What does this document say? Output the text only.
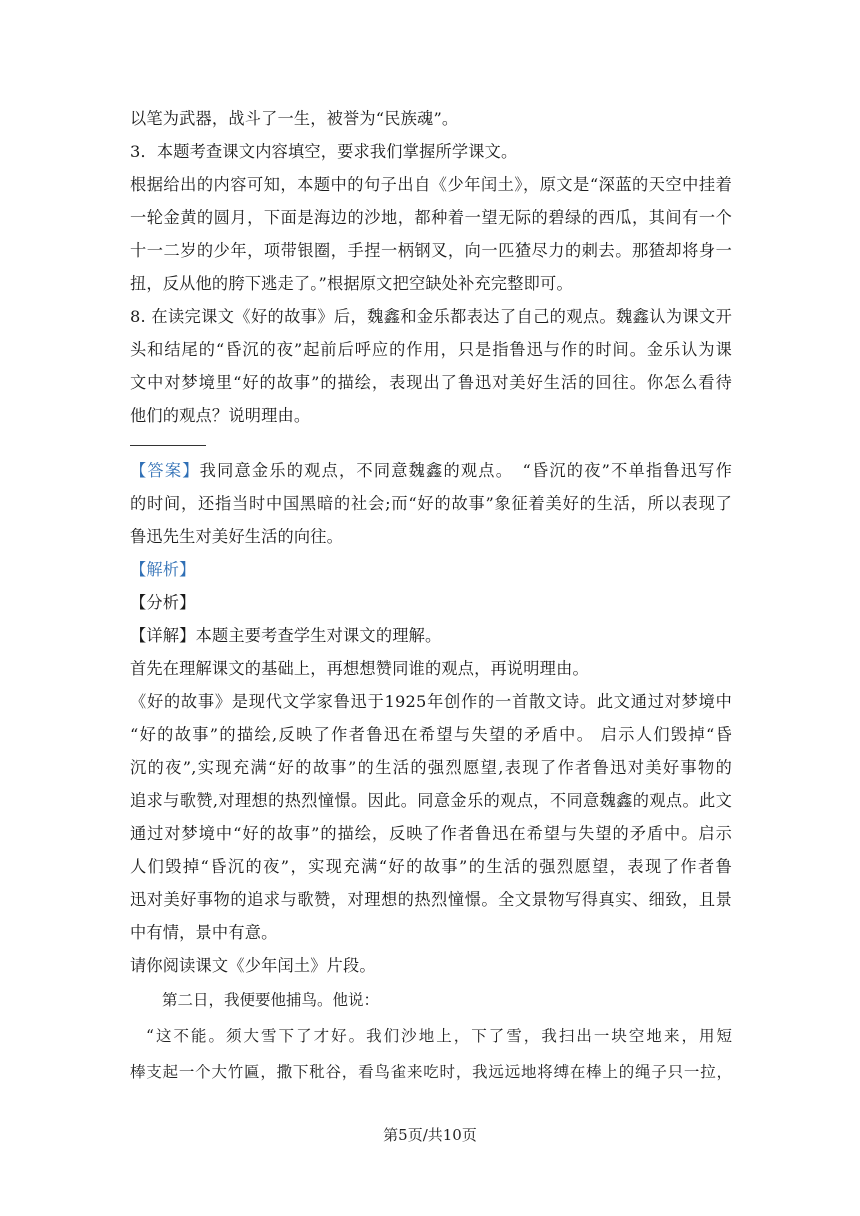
以笔为武器，战斗了一生，被誉为“民族魂”。
3．本题考查课文内容填空，要求我们掌握所学课文。
根据给出的内容可知，本题中的句子出自《少年闰土》，原文是“深蓝的天空中挂着
一轮金黄的圆月，下面是海边的沙地，都种着一望无际的碧绿的西瓜，其间有一个
十一二岁的少年，项带银圈，手捏一柄钢叉，向一匹猹尽力的刺去。那猹却将身一
扭，反从他的胯下逃走了。”根据原文把空缺处补充完整即可。
8. 在读完课文《好的故事》后，魏鑫和金乐都表达了自己的观点。魏鑫认为课文开
头和结尾的“昏沉的夜”起前后呼应的作用，只是指鲁迅与作的时间。金乐认为课
文中对梦境里“好的故事”的描绘，表现出了鲁迅对美好生活的回往。你怎么看待
他们的观点？说明理由。
【答案】我同意金乐的观点，不同意魏鑫的观点。　“昏沉的夜”不单指鲁迅写作
的时间，还指当时中国黑暗的社会;而“好的故事”象征着美好的生活，所以表现了
鲁迅先生对美好生活的向往。
【解析】
【分析】
【详解】本题主要考查学生对课文的理解。
首先在理解课文的基础上，再想想赞同谁的观点，再说明理由。
《好的故事》是现代文学家鲁迅于1925年创作的一首散文诗。此文通过对梦境中
“好的故事”的描绘,反映了作者鲁迅在希望与失望的矛盾中。 启示人们毁掉“昏
沉的夜”,实现充满“好的故事”的生活的强烈愿望,表现了作者鲁迅对美好事物的
追求与歌赞,对理想的热烈憧憬。因此。同意金乐的观点，不同意魏鑫的观点。此文
通过对梦境中“好的故事”的描绘，反映了作者鲁迅在希望与失望的矛盾中。启示
人们毁掉“昏沉的夜”，实现充满“好的故事”的生活的强烈愿望，表现了作者鲁
迅对美好事物的追求与歌赞，对理想的热烈憧憬。全文景物写得真实、细致，且景
中有情，景中有意。
请你阅读课文《少年闰土》片段。
第二日，我便要他捕鸟。他说：
“这不能。须大雪下了才好。我们沙地上，下了雪，我扫出一块空地来，用短
棒支起一个大竹匾，撒下秕谷，看鸟雀来吃时，我远远地将缚在棒上的绳子只一拉，
第5页/共10页
